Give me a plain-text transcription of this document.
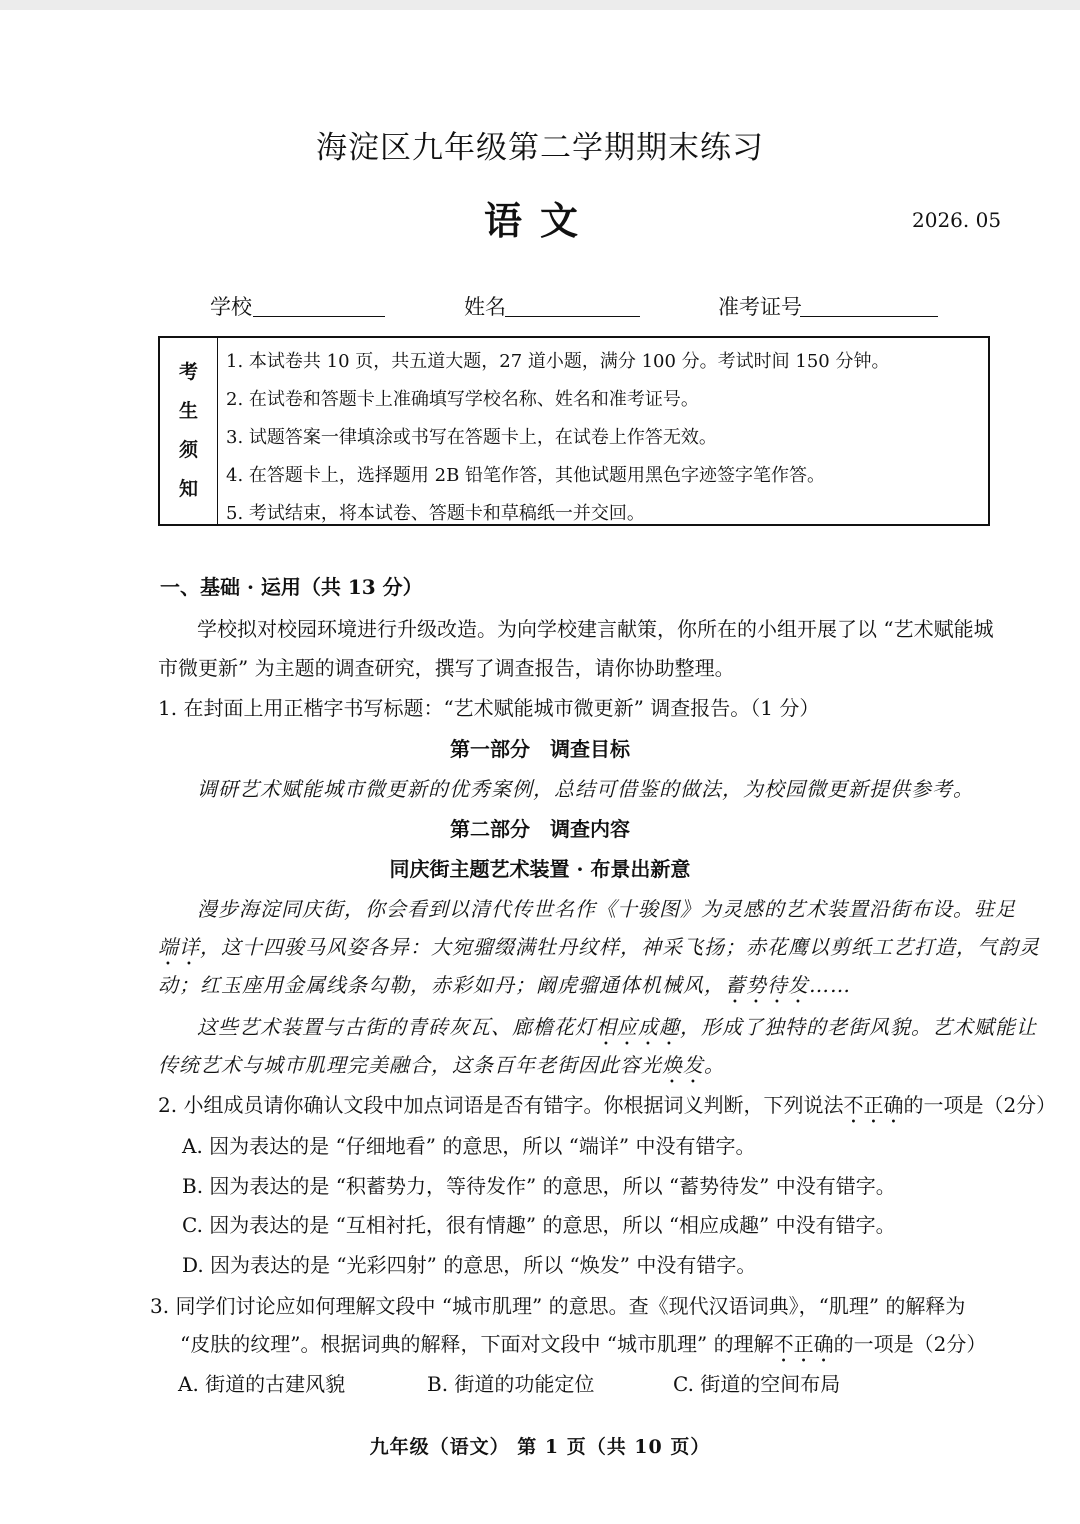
海淀区九年级第二学期期末练习
语文	2026. 05
学校	姓名	准考证号
考
生
须
知
1. 本试卷共 10 页，共五道大题，27 道小题，满分 100 分。考试时间 150 分钟。
2. 在试卷和答题卡上准确填写学校名称、姓名和准考证号。
3. 试题答案一律填涂或书写在答题卡上，在试卷上作答无效。
4. 在答题卡上，选择题用 2B 铅笔作答，其他试题用黑色字迹签字笔作答。
5. 考试结束，将本试卷、答题卡和草稿纸一并交回。
一、基础 · 运用（共 13 分）
学校拟对校园环境进行升级改造。为向学校建言献策，你所在的小组开展了以 “艺术赋能城
市微更新” 为主题的调查研究，撰写了调查报告，请你协助整理。
1. 在封面上用正楷字书写标题：“艺术赋能城市微更新” 调查报告。（1 分）
第一部分　调查目标
调研艺术赋能城市微更新的优秀案例，总结可借鉴的做法，为校园微更新提供参考。
第二部分　调查内容
同庆街主题艺术装置 · 布景出新意
漫步海淀同庆街，你会看到以清代传世名作《十骏图》为灵感的艺术装置沿街布设。驻足
端详，这十四骏马风姿各异：大宛骝缀满牡丹纹样，神采飞扬；赤花鹰以剪纸工艺打造，气韵灵
动；红玉座用金属线条勾勒，赤彩如丹；阚虎骝通体机械风，蓄势待发……
这些艺术装置与古街的青砖灰瓦、廊檐花灯相应成趣，形成了独特的老街风貌。艺术赋能让
传统艺术与城市肌理完美融合，这条百年老街因此容光焕发。
2. 小组成员请你确认文段中加点词语是否有错字。你根据词义判断，下列说法不正确的一项是（2分）
A. 因为表达的是 “仔细地看” 的意思，所以 “端详” 中没有错字。
B. 因为表达的是 “积蓄势力，等待发作” 的意思，所以 “蓄势待发” 中没有错字。
C. 因为表达的是 “互相衬托，很有情趣” 的意思，所以 “相应成趣” 中没有错字。
D. 因为表达的是 “光彩四射” 的意思，所以 “焕发” 中没有错字。
3. 同学们讨论应如何理解文段中 “城市肌理” 的意思。查《现代汉语词典》，“肌理” 的解释为
“皮肤的纹理”。根据词典的解释，下面对文段中 “城市肌理” 的理解不正确的一项是（2分）
A. 街道的古建风貌	B. 街道的功能定位	C. 街道的空间布局
九年级（语文） 第 1 页（共 10 页）
